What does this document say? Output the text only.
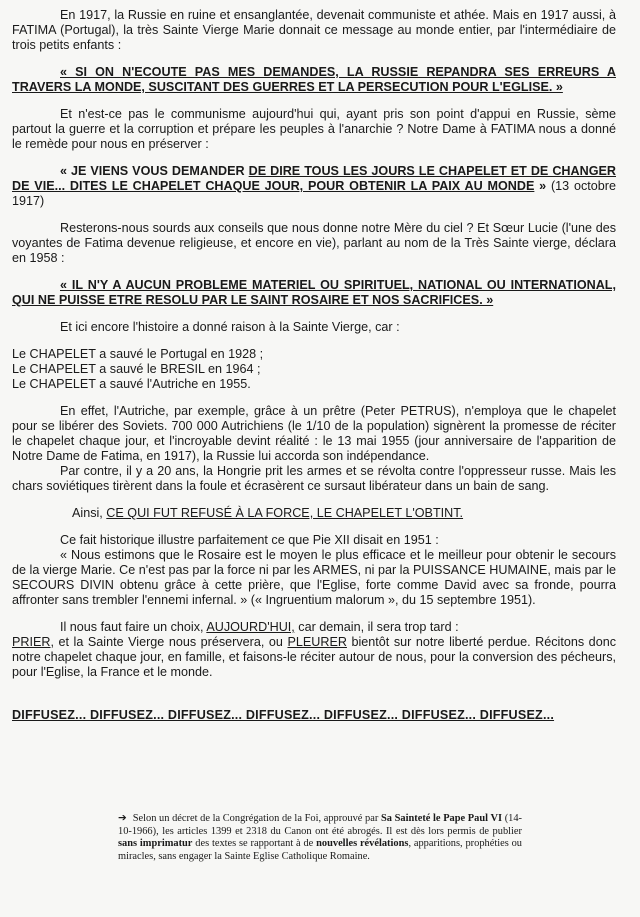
En 1917, la Russie en ruine et ensanglantée, devenait communiste et athée. Mais en 1917 aussi, à FATIMA (Portugal), la très Sainte Vierge Marie donnait ce message au monde entier, par l'intermédiaire de trois petits enfants :

« SI ON N'ECOUTE PAS MES DEMANDES, LA RUSSIE REPANDRA SES ERREURS A TRAVERS LA MONDE, SUSCITANT DES GUERRES ET LA PERSECUTION POUR L'EGLISE. »

Et n'est-ce pas le communisme aujourd'hui qui, ayant pris son point d'appui en Russie, sème partout la guerre et la corruption et prépare les peuples à l'anarchie ? Notre Dame à FATIMA nous a donné le remède pour nous en préserver :

« JE VIENS VOUS DEMANDER DE DIRE TOUS LES JOURS LE CHAPELET ET DE CHANGER DE VIE... DITES LE CHAPELET CHAQUE JOUR, POUR OBTENIR LA PAIX AU MONDE » (13 octobre 1917)

Resterons-nous sourds aux conseils que nous donne notre Mère du ciel ? Et Sœur Lucie (l'une des voyantes de Fatima devenue religieuse, et encore en vie), parlant au nom de la Très Sainte vierge, déclara en 1958 :

« IL N'Y A AUCUN PROBLEME MATERIEL OU SPIRITUEL, NATIONAL OU INTERNATIONAL, QUI NE PUISSE ETRE RESOLU PAR LE SAINT ROSAIRE ET NOS SACRIFICES. »

Et ici encore l'histoire a donné raison à la Sainte Vierge, car :

Le CHAPELET a sauvé le Portugal en 1928 ;

Le CHAPELET a sauvé le BRESIL en 1964 ;

Le CHAPELET a sauvé l'Autriche en 1955.

En effet, l'Autriche, par exemple, grâce à un prêtre (Peter PETRUS), n'employa que le chapelet pour se libérer des Soviets. 700 000 Autrichiens (le 1/10 de la population) signèrent la promesse de réciter le chapelet chaque jour, et l'incroyable devint réalité : le 13 mai 1955 (jour anniversaire de l'apparition de Notre Dame de Fatima, en 1917), la Russie lui accorda son indépendance.

Par contre, il y a 20 ans, la Hongrie prit les armes et se révolta contre l'oppresseur russe. Mais les chars soviétiques tirèrent dans la foule et écrasèrent ce sursaut libérateur dans un bain de sang.

Ainsi, CE QUI FUT REFUSÉ À LA FORCE, LE CHAPELET L'OBTINT.

Ce fait historique illustre parfaitement ce que Pie XII disait en 1951 :

« Nous estimons que le Rosaire est le moyen le plus efficace et le meilleur pour obtenir le secours de la vierge Marie. Ce n'est pas par la force ni par les ARMES, ni par la PUISSANCE HUMAINE, mais par le SECOURS DIVIN obtenu grâce à cette prière, que l'Eglise, forte comme David avec sa fronde, pourra affronter sans trembler l'ennemi infernal. » (« Ingruentium malorum », du 15 septembre 1951).

Il nous faut faire un choix, AUJOURD'HUI, car demain, il sera trop tard :

PRIER, et la Sainte Vierge nous préservera, ou PLEURER bientôt sur notre liberté perdue. Récitons donc notre chapelet chaque jour, en famille, et faisons-le réciter autour de nous, pour la conversion des pécheurs, pour l'Eglise, la France et le monde.

DIFFUSEZ... DIFFUSEZ... DIFFUSEZ... DIFFUSEZ... DIFFUSEZ... DIFFUSEZ... DIFFUSEZ...

➔ Selon un décret de la Congrégation de la Foi, approuvé par Sa Sainteté le Pape Paul VI (14-10-1966), les articles 1399 et 2318 du Canon ont été abrogés. Il est dès lors permis de publier sans imprimatur des textes se rapportant à de nouvelles révélations, apparitions, prophéties ou miracles, sans engager la Sainte Eglise Catholique Romaine.
